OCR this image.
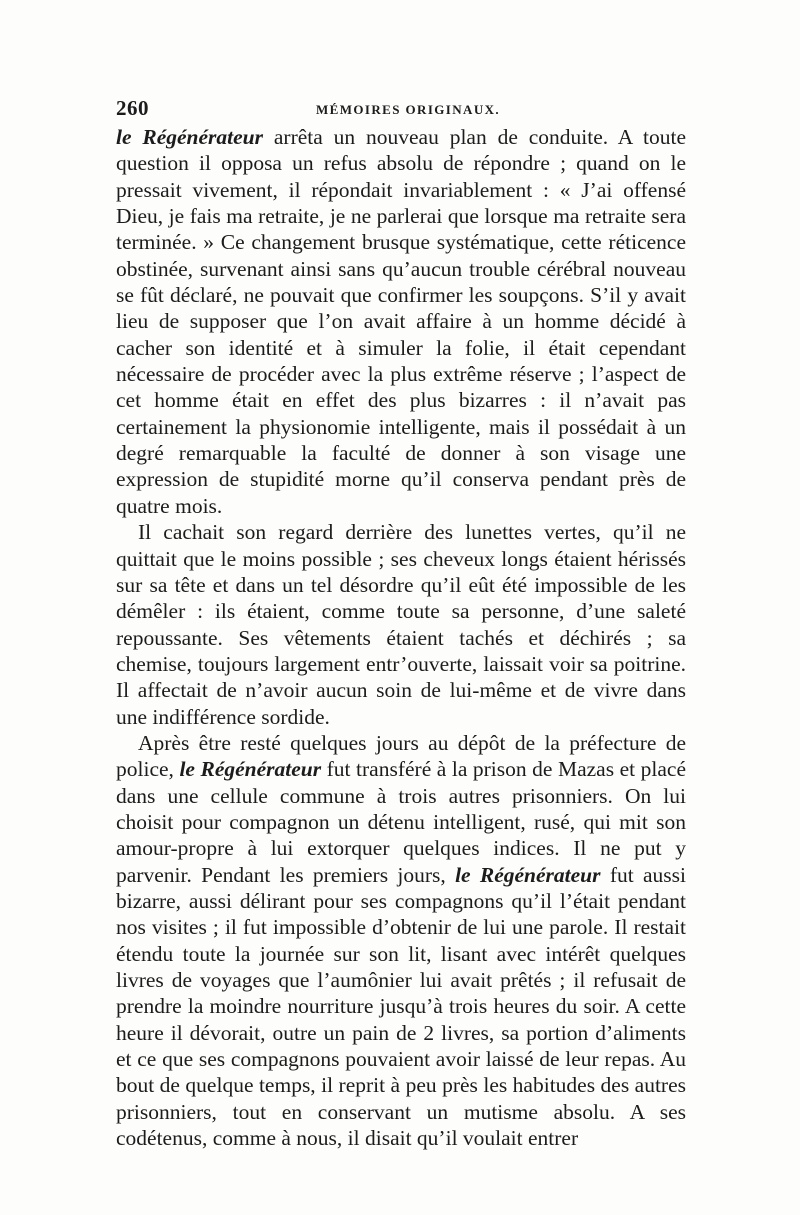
260	MÉMOIRES ORIGINAUX.

le Régénérateur arrêta un nouveau plan de conduite. A toute question il opposa un refus absolu de répondre ; quand on le pressait vivement, il répondait invariablement : « J’ai offensé Dieu, je fais ma retraite, je ne parlerai que lorsque ma retraite sera terminée. » Ce changement brusque systématique, cette réticence obstinée, survenant ainsi sans qu’aucun trouble cérébral nouveau se fût déclaré, ne pouvait que confirmer les soupçons. S’il y avait lieu de supposer que l’on avait affaire à un homme décidé à cacher son identité et à simuler la folie, il était cependant nécessaire de procéder avec la plus extrême réserve ; l’aspect de cet homme était en effet des plus bizarres : il n’avait pas certainement la physionomie intelligente, mais il possédait à un degré remarquable la faculté de donner à son visage une expression de stupidité morne qu’il conserva pendant près de quatre mois.

Il cachait son regard derrière des lunettes vertes, qu’il ne quittait que le moins possible ; ses cheveux longs étaient hérissés sur sa tête et dans un tel désordre qu’il eût été impossible de les démêler : ils étaient, comme toute sa personne, d’une saleté repoussante. Ses vêtements étaient tachés et déchirés ; sa chemise, toujours largement entr’ouverte, laissait voir sa poitrine. Il affectait de n’avoir aucun soin de lui-même et de vivre dans une indifférence sordide.

Après être resté quelques jours au dépôt de la préfecture de police, le Régénérateur fut transféré à la prison de Mazas et placé dans une cellule commune à trois autres prisonniers. On lui choisit pour compagnon un détenu intelligent, rusé, qui mit son amour-propre à lui extorquer quelques indices. Il ne put y parvenir. Pendant les premiers jours, le Régénérateur fut aussi bizarre, aussi délirant pour ses compagnons qu’il l’était pendant nos visites ; il fut impossible d’obtenir de lui une parole. Il restait étendu toute la journée sur son lit, lisant avec intérêt quelques livres de voyages que l’aumônier lui avait prêtés ; il refusait de prendre la moindre nourriture jusqu’à trois heures du soir. A cette heure il dévorait, outre un pain de 2 livres, sa portion d’aliments et ce que ses compagnons pouvaient avoir laissé de leur repas. Au bout de quelque temps, il reprit à peu près les habitudes des autres prisonniers, tout en conservant un mutisme absolu. A ses codétenus, comme à nous, il disait qu’il voulait entrer
